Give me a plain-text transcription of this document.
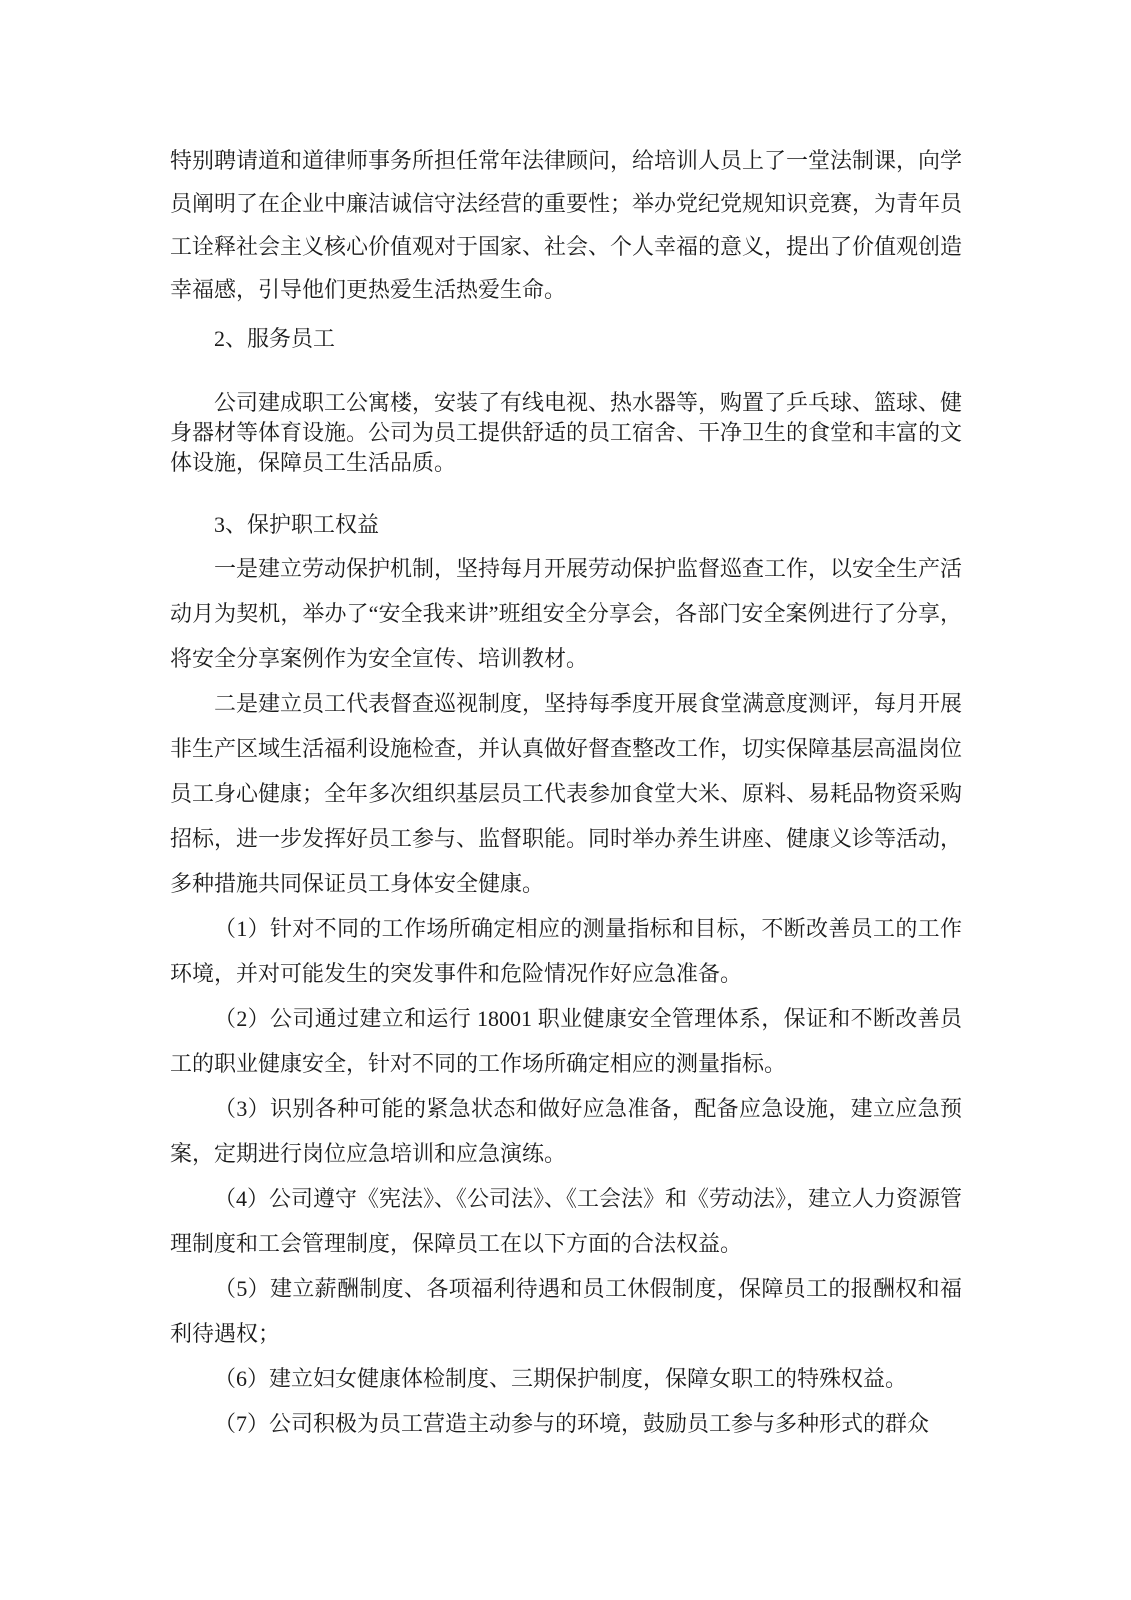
特别聘请道和道律师事务所担任常年法律顾问，给培训人员上了一堂法制课，向学员阐明了在企业中廉洁诚信守法经营的重要性；举办党纪党规知识竞赛，为青年员工诠释社会主义核心价值观对于国家、社会、个人幸福的意义，提出了价值观创造幸福感，引导他们更热爱生活热爱生命。

2、服务员工

公司建成职工公寓楼，安装了有线电视、热水器等，购置了乒乓球、篮球、健身器材等体育设施。公司为员工提供舒适的员工宿舍、干净卫生的食堂和丰富的文体设施，保障员工生活品质。

3、保护职工权益

一是建立劳动保护机制，坚持每月开展劳动保护监督巡查工作，以安全生产活动月为契机，举办了“安全我来讲”班组安全分享会，各部门安全案例进行了分享，将安全分享案例作为安全宣传、培训教材。

二是建立员工代表督查巡视制度，坚持每季度开展食堂满意度测评，每月开展非生产区域生活福利设施检查，并认真做好督查整改工作，切实保障基层高温岗位员工身心健康；全年多次组织基层员工代表参加食堂大米、原料、易耗品物资采购招标，进一步发挥好员工参与、监督职能。同时举办养生讲座、健康义诊等活动，多种措施共同保证员工身体安全健康。

（1）针对不同的工作场所确定相应的测量指标和目标，不断改善员工的工作环境，并对可能发生的突发事件和危险情况作好应急准备。

（2）公司通过建立和运行 18001 职业健康安全管理体系，保证和不断改善员工的职业健康安全，针对不同的工作场所确定相应的测量指标。

（3）识别各种可能的紧急状态和做好应急准备，配备应急设施，建立应急预案，定期进行岗位应急培训和应急演练。

（4）公司遵守《宪法》、《公司法》、《工会法》和《劳动法》，建立人力资源管理制度和工会管理制度，保障员工在以下方面的合法权益。

（5）建立薪酬制度、各项福利待遇和员工休假制度，保障员工的报酬权和福利待遇权；

（6）建立妇女健康体检制度、三期保护制度，保障女职工的特殊权益。

（7）公司积极为员工营造主动参与的环境，鼓励员工参与多种形式的群众
